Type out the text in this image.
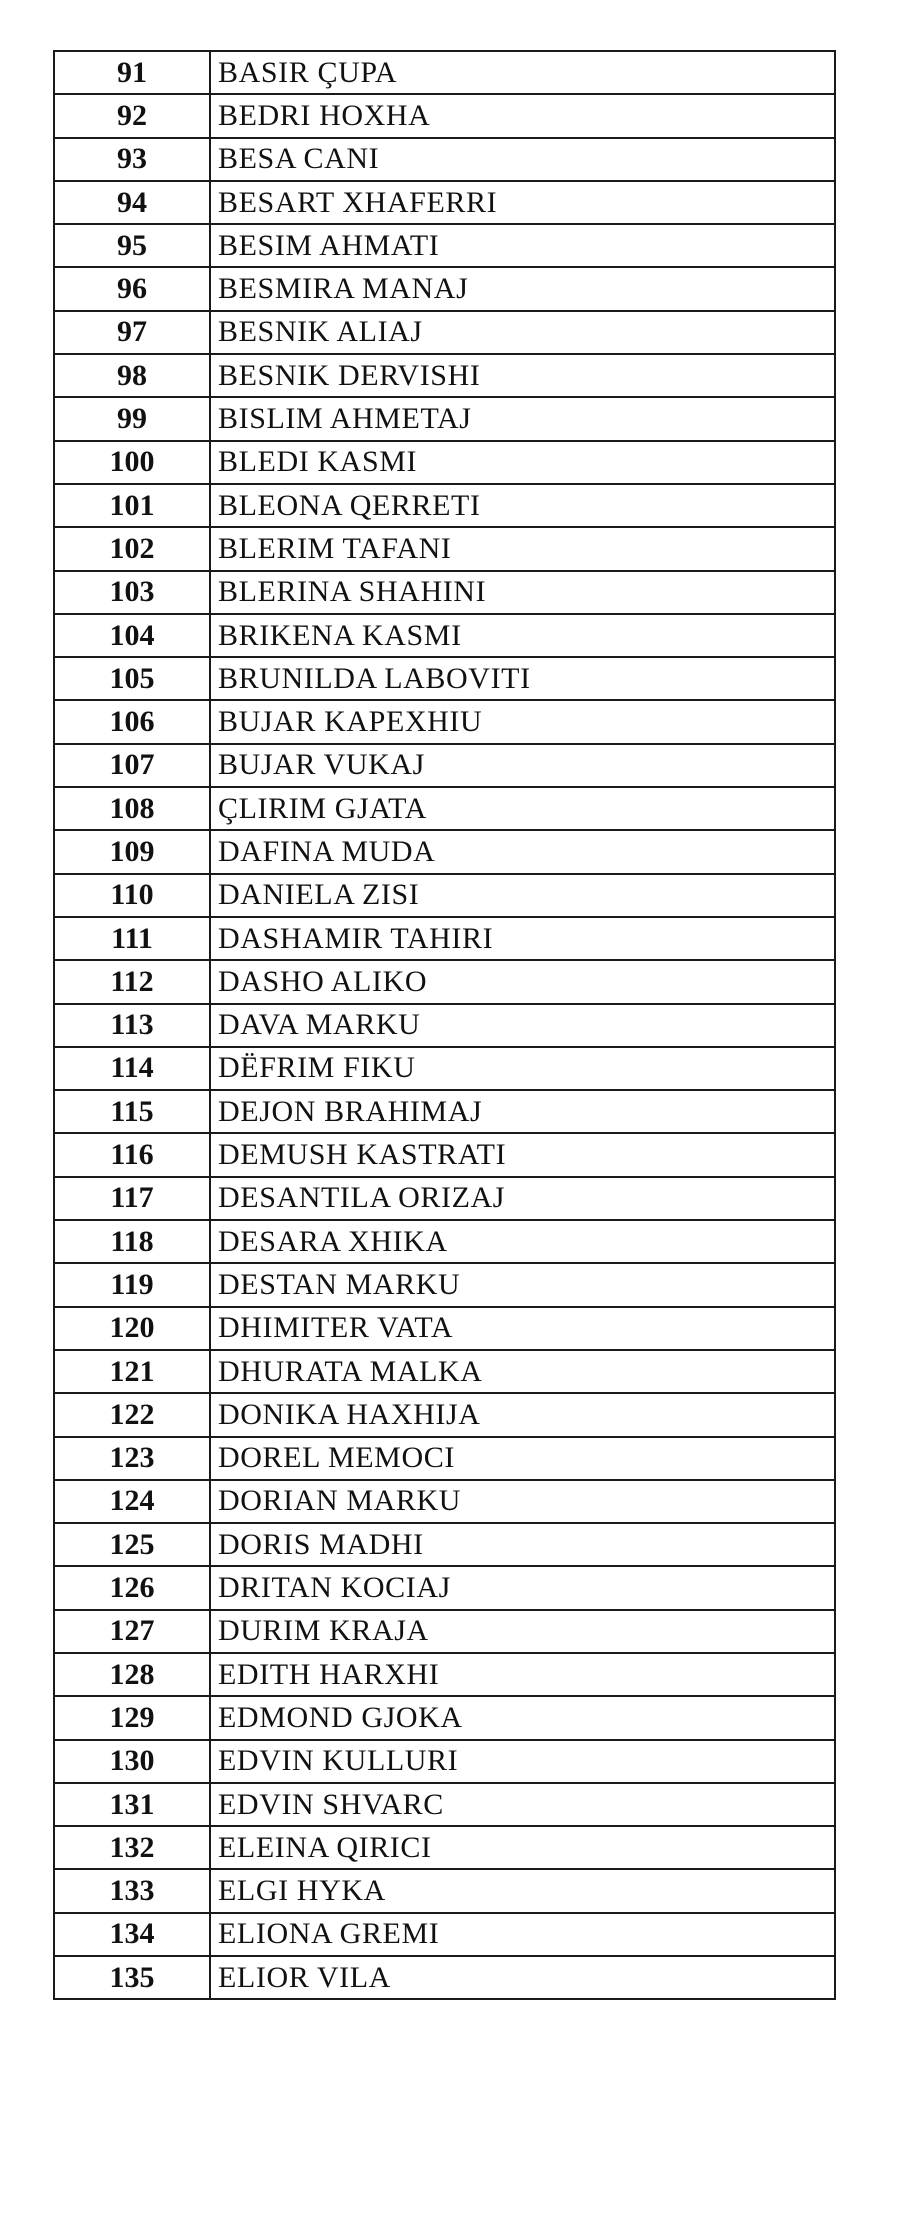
91	BASIR ÇUPA
92	BEDRI HOXHA
93	BESA CANI
94	BESART XHAFERRI
95	BESIM AHMATI
96	BESMIRA MANAJ
97	BESNIK ALIAJ
98	BESNIK DERVISHI
99	BISLIM AHMETAJ
100	BLEDI KASMI
101	BLEONA QERRETI
102	BLERIM TAFANI
103	BLERINA SHAHINI
104	BRIKENA KASMI
105	BRUNILDA LABOVITI
106	BUJAR KAPEXHIU
107	BUJAR VUKAJ
108	ÇLIRIM GJATA
109	DAFINA MUDA
110	DANIELA ZISI
111	DASHAMIR TAHIRI
112	DASHO ALIKO
113	DAVA MARKU
114	DËFRIM FIKU
115	DEJON BRAHIMAJ
116	DEMUSH KASTRATI
117	DESANTILA ORIZAJ
118	DESARA XHIKA
119	DESTAN MARKU
120	DHIMITER VATA
121	DHURATA MALKA
122	DONIKA HAXHIJA
123	DOREL MEMOCI
124	DORIAN MARKU
125	DORIS MADHI
126	DRITAN KOCIAJ
127	DURIM KRAJA
128	EDITH HARXHI
129	EDMOND GJOKA
130	EDVIN KULLURI
131	EDVIN SHVARC
132	ELEINA QIRICI
133	ELGI HYKA
134	ELIONA GREMI
135	ELIOR VILA
